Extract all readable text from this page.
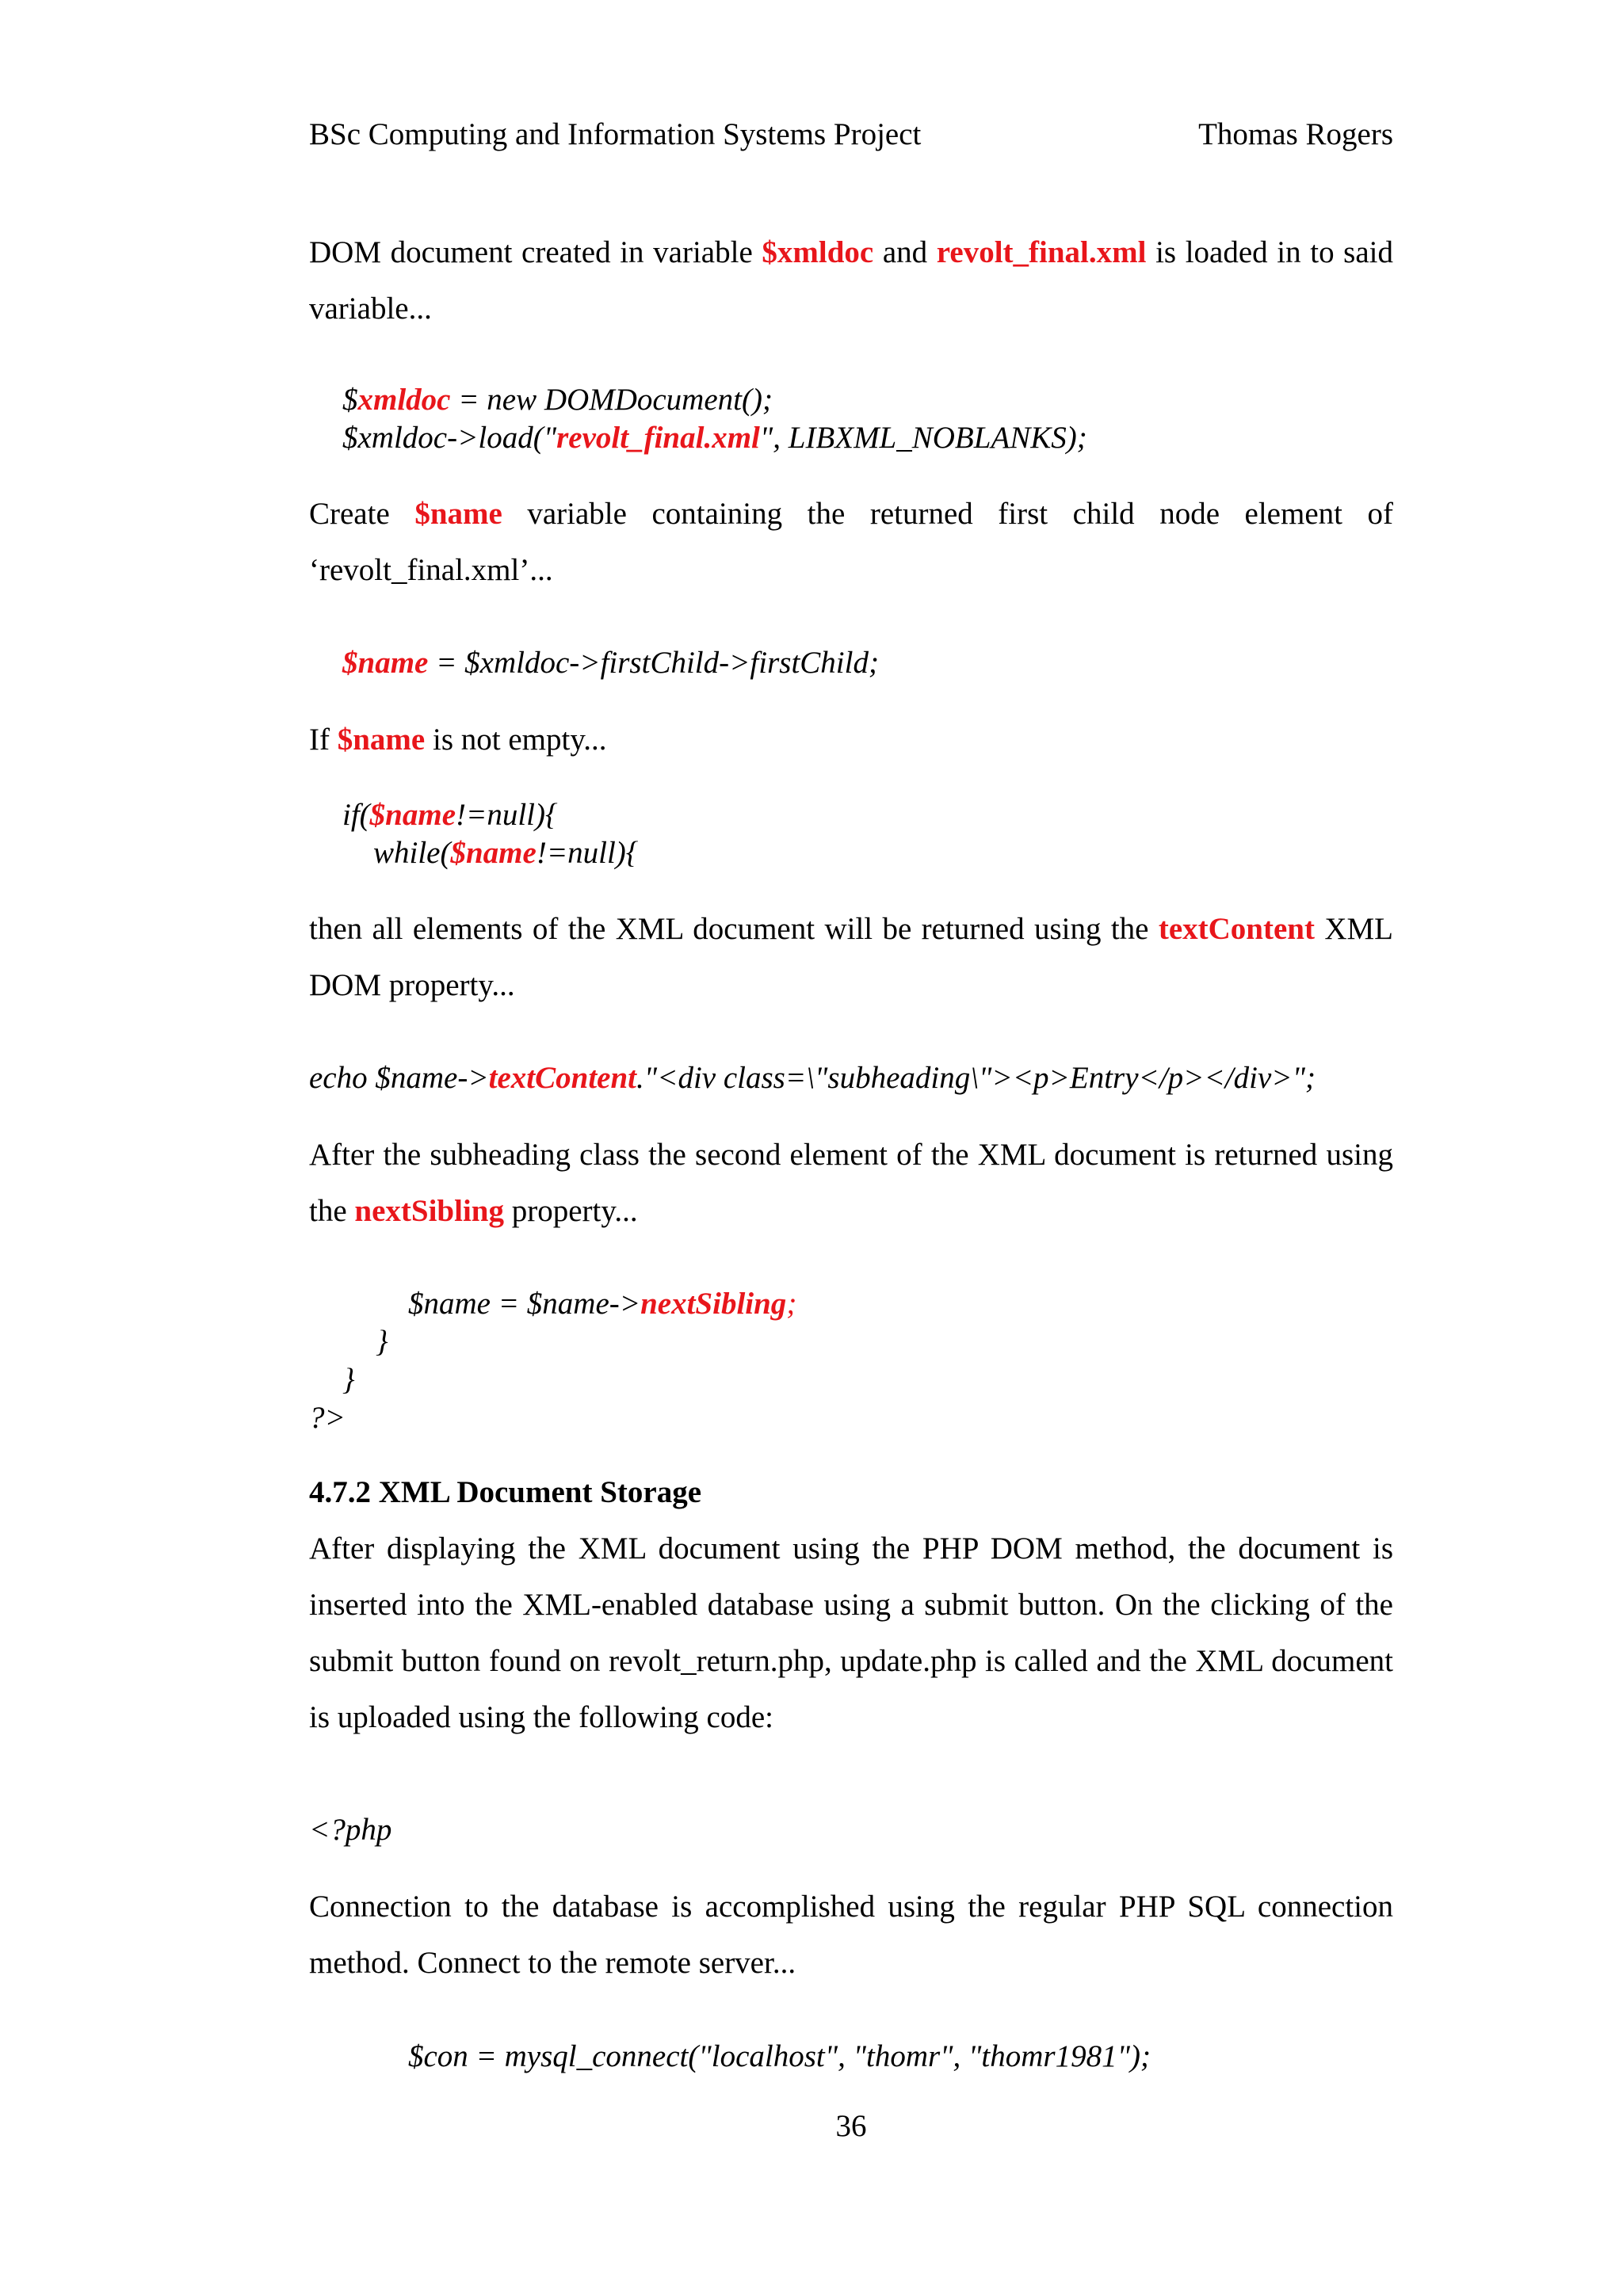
BSc Computing and Information Systems Project	Thomas Rogers
DOM document created in variable $xmldoc and revolt_final.xml is loaded in to said variable...
$xmldoc = new DOMDocument();
$xmldoc->load("revolt_final.xml", LIBXML_NOBLANKS);
Create $name variable containing the returned first child node element of ‘revolt_final.xml’...
$name = $xmldoc->firstChild->firstChild;
If $name is not empty...
if($name!=null){
while($name!=null){
then all elements of the XML document will be returned using the textContent XML DOM property...
echo $name->textContent."<div class=\"subheading\"><p>Entry</p></div>";
After the subheading class the second element of the XML document is returned using the nextSibling property...
$name = $name->nextSibling;
}
}
?>
4.7.2 XML Document Storage
After displaying the XML document using the PHP DOM method, the document is inserted into the XML-enabled database using a submit button. On the clicking of the submit button found on revolt_return.php, update.php is called and the XML document is uploaded using the following code:
<?php
Connection to the database is accomplished using the regular PHP SQL connection method. Connect to the remote server...
$con = mysql_connect("localhost", "thomr", "thomr1981");
36
